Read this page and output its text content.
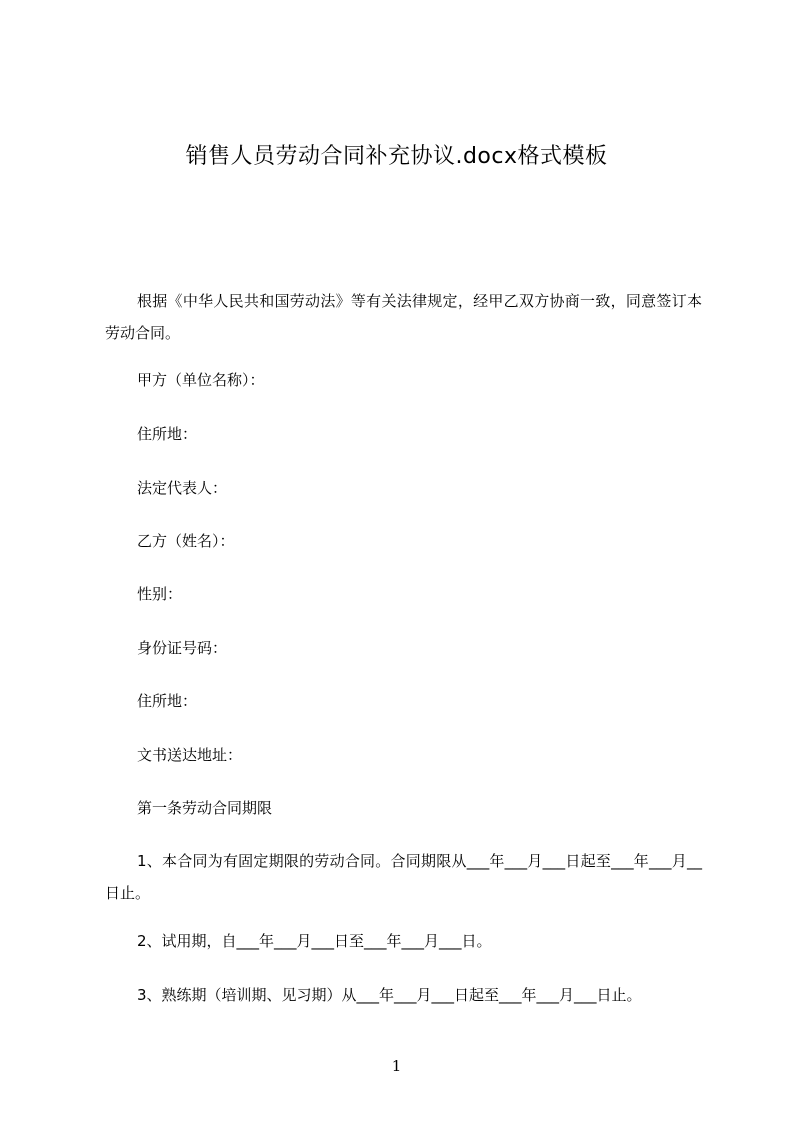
销售人员劳动合同补充协议.docx格式模板
根据《中华人民共和国劳动法》等有关法律规定，经甲乙双方协商一致，同意签订本劳动合同。
甲方（单位名称）：
住所地：
法定代表人：
乙方（姓名）：
性别：
身份证号码：
住所地：
文书送达地址：
第一条劳动合同期限
1、本合同为有固定期限的劳动合同。合同期限从___年___月___日起至___年___月__日止。
2、试用期，自___年___月___日至___年___月___日。
3、熟练期（培训期、见习期）从___年___月___日起至___年___月___日止。
1
